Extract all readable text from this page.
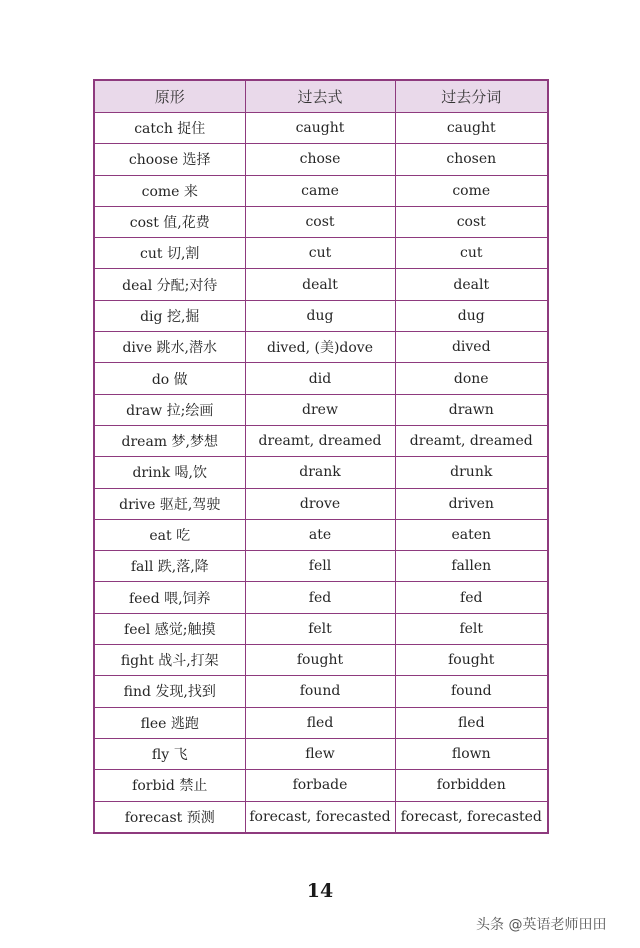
原形	过去式	过去分词
catch 捉住	caught	caught
choose 选择	chose	chosen
come 来	came	come
cost 值,花费	cost	cost
cut 切,割	cut	cut
deal 分配;对待	dealt	dealt
dig 挖,掘	dug	dug
dive 跳水,潜水	dived, (美)dove	dived
do 做	did	done
draw 拉;绘画	drew	drawn
dream 梦,梦想	dreamt, dreamed	dreamt, dreamed
drink 喝,饮	drank	drunk
drive 驱赶,驾驶	drove	driven
eat 吃	ate	eaten
fall 跌,落,降	fell	fallen
feed 喂,饲养	fed	fed
feel 感觉;触摸	felt	felt
fight 战斗,打架	fought	fought
find 发现,找到	found	found
flee 逃跑	fled	fled
fly 飞	flew	flown
forbid 禁止	forbade	forbidden
forecast 预测	forecast, forecasted	forecast, forecasted
14
头条 @英语老师田田
